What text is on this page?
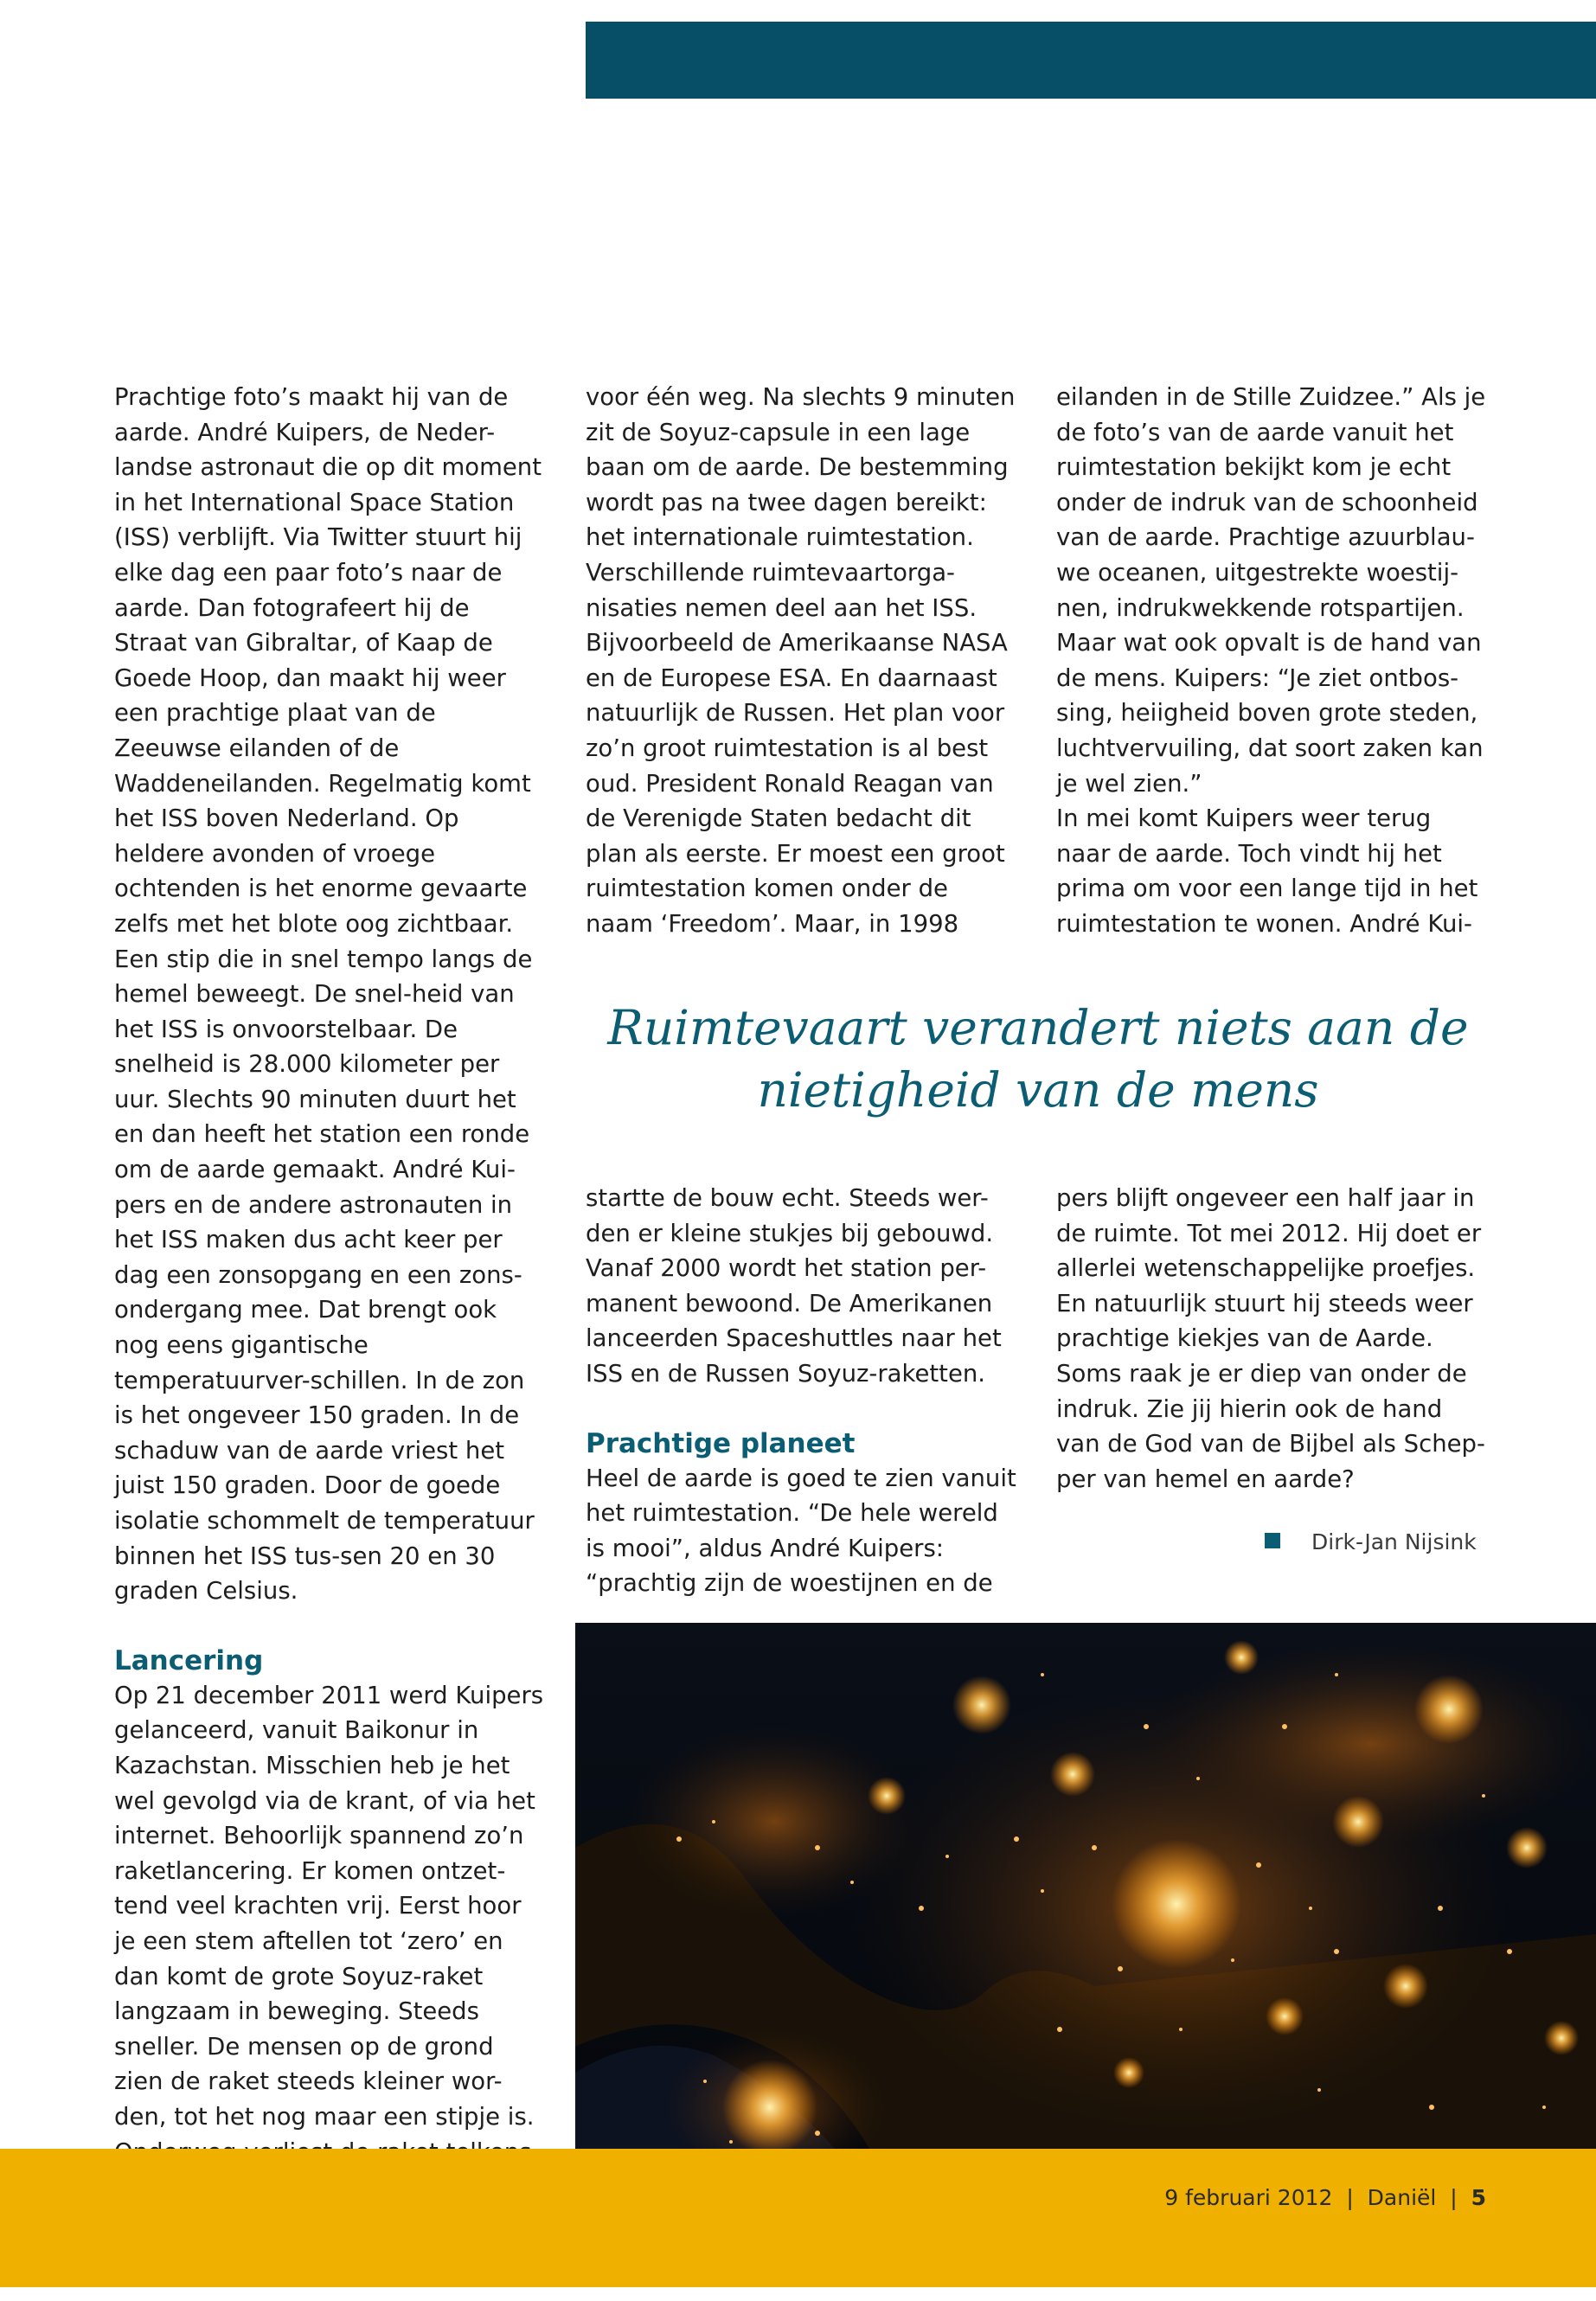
Prachtige foto’s maakt hij van de aarde. André Kuipers, de Neder-landse astronaut die op dit moment in het International Space Station (ISS) verblijft. Via Twitter stuurt hij elke dag een paar foto’s naar de aarde. Dan fotografeert hij de Straat van Gibraltar, of Kaap de Goede Hoop, dan maakt hij weer een prachtige plaat van de Zeeuwse eilanden of de Waddeneilanden. Regelmatig komt het ISS boven Nederland. Op heldere avonden of vroege ochtenden is het enorme gevaarte zelfs met het blote oog zichtbaar. Een stip die in snel tempo langs de hemel beweegt. De snel-heid van het ISS is onvoorstelbaar. De snelheid is 28.000 kilometer per uur. Slechts 90 minuten duurt het en dan heeft het station een ronde om de aarde gemaakt. André Kui-pers en de andere astronauten in het ISS maken dus acht keer per dag een zonsopgang en een zons-ondergang mee. Dat brengt ook nog eens gigantische temperatuurver-schillen. In de zon is het ongeveer 150 graden. In de schaduw van de aarde vriest het juist 150 graden. Door de goede isolatie schommelt de temperatuur binnen het ISS tus-sen 20 en 30 graden Celsius.

Lancering

Op 21 december 2011 werd Kuipers gelanceerd, vanuit Baikonur in Kazachstan. Misschien heb je het wel gevolgd via de krant, of via het internet. Behoorlijk spannend zo’n raketlancering. Er komen ontzet-tend veel krachten vrij. Eerst hoor je een stem aftellen tot ‘zero’ en dan komt de grote Soyuz-raket langzaam in beweging. Steeds sneller. De mensen op de grond zien de raket steeds kleiner wor-den, tot het nog maar een stipje is.

voor één weg. Na slechts 9 minuten zit de Soyuz-capsule in een lage baan om de aarde. De bestemming wordt pas na twee dagen bereikt: het internationale ruimtestation. Verschillende ruimtevaartorga-nisaties nemen deel aan het ISS. Bijvoorbeeld de Amerikaanse NASA en de Europese ESA. En daarnaast natuurlijk de Russen. Het plan voor zo’n groot ruimtestation is al best oud. President Ronald Reagan van de Verenigde Staten bedacht dit plan als eerste. Er moest een groot ruimtestation komen onder de naam ‘Freedom’. Maar, in 1998

eilanden in de Stille Zuidzee.” Als je de foto’s van de aarde vanuit het ruimtestation bekijkt kom je echt onder de indruk van de schoonheid van de aarde. Prachtige azuurblau-we oceanen, uitgestrekte woestij-nen, indrukwekkende rotspartijen. Maar wat ook opvalt is de hand van de mens. Kuipers: “Je ziet ontbos-sing, heiigheid boven grote steden, luchtvervuiling, dat soort zaken kan je wel zien.”

In mei komt Kuipers weer terug naar de aarde. Toch vindt hij het prima om voor een lange tijd in het ruimtestation te wonen. André Kui-

Ruimtevaart verandert niets aan de
nietigheid van de mens

startte de bouw echt. Steeds wer-den er kleine stukjes bij gebouwd. Vanaf 2000 wordt het station per-manent bewoond. De Amerikanen lanceerden Spaceshuttles naar het ISS en de Russen Soyuz-raketten.

Prachtige planeet

Heel de aarde is goed te zien vanuit het ruimtestation. “De hele wereld is mooi”, aldus André Kuipers: “prachtig zijn de woestijnen en de

pers blijft ongeveer een half jaar in de ruimte. Tot mei 2012. Hij doet er allerlei wetenschappelijke proefjes. En natuurlijk stuurt hij steeds weer prachtige kiekjes van de Aarde. Soms raak je er diep van onder de indruk. Zie jij hierin ook de hand van de God van de Bijbel als Schep-per van hemel en aarde?

Dirk-Jan Nijsink
9 februari 2012 | Daniël | 5
